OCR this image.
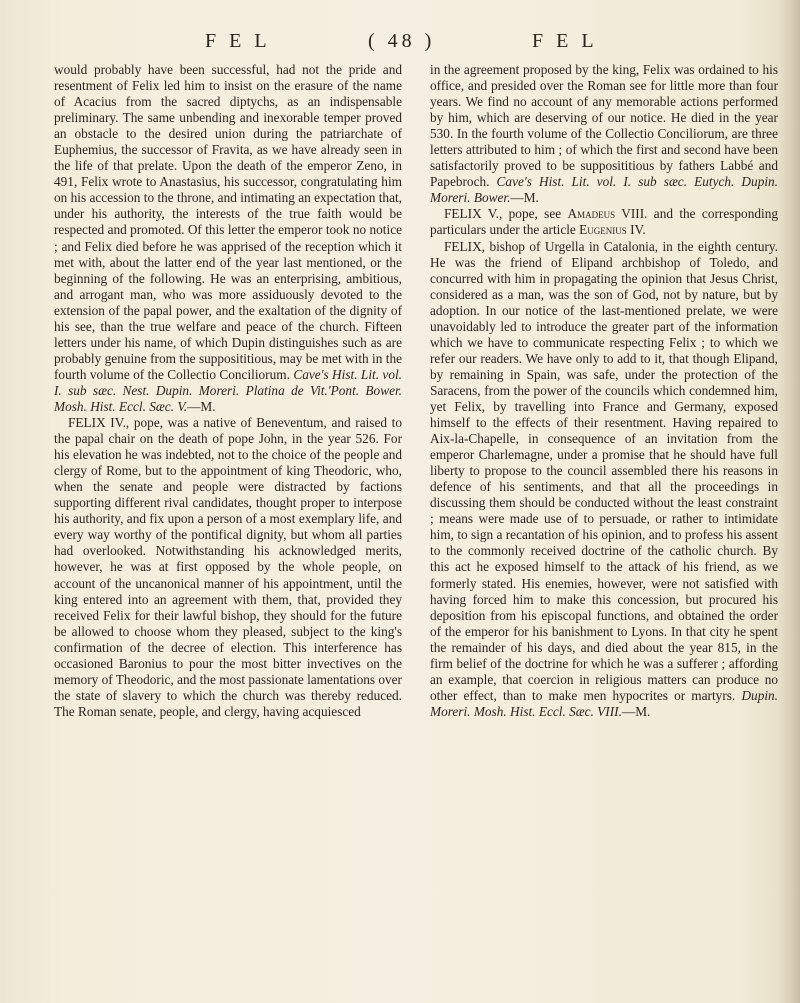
F E L	( 48 )	F E L

would probably have been successful, had not the pride and resentment of Felix led him to insist on the erasure of the name of Acacius from the sacred diptychs, as an indispensable preliminary. The same unbending and inexorable temper proved an obstacle to the desired union during the patriarchate of Euphemius, the successor of Fravita, as we have already seen in the life of that prelate. Upon the death of the emperor Zeno, in 491, Felix wrote to Anastasius, his successor, congratulating him on his accession to the throne, and intimating an expectation that, under his authority, the interests of the true faith would be respected and promoted. Of this letter the emperor took no notice ; and Felix died before he was apprised of the reception which it met with, about the latter end of the year last mentioned, or the beginning of the following. He was an enterprising, ambitious, and arrogant man, who was more assiduously devoted to the extension of the papal power, and the exaltation of the dignity of his see, than the true welfare and peace of the church. Fifteen letters under his name, of which Dupin distinguishes such as are probably genuine from the supposititious, may be met with in the fourth volume of the Collectio Conciliorum. Cave's Hist. Lit. vol. I. sub sæc. Nest. Dupin. Moreri. Platina de Vit.'Pont. Bower. Mosh. Hist. Eccl. Sæc. V.—M.

FELIX IV., pope, was a native of Beneventum, and raised to the papal chair on the death of pope John, in the year 526. For his elevation he was indebted, not to the choice of the people and clergy of Rome, but to the appointment of king Theodoric, who, when the senate and people were distracted by factions supporting different rival candidates, thought proper to interpose his authority, and fix upon a person of a most exemplary life, and every way worthy of the pontifical dignity, but whom all parties had overlooked. Notwithstanding his acknowledged merits, however, he was at first opposed by the whole people, on account of the uncanonical manner of his appointment, until the king entered into an agreement with them, that, provided they received Felix for their lawful bishop, they should for the future be allowed to choose whom they pleased, subject to the king's confirmation of the decree of election. This interference has occasioned Baronius to pour the most bitter invectives on the memory of Theodoric, and the most passionate lamentations over the state of slavery to which the church was thereby reduced. The Roman senate, people, and clergy, having acquiesced

in the agreement proposed by the king, Felix was ordained to his office, and presided over the Roman see for little more than four years. We find no account of any memorable actions performed by him, which are deserving of our notice. He died in the year 530. In the fourth volume of the Collectio Conciliorum, are three letters attributed to him ; of which the first and second have been satisfactorily proved to be supposititious by fathers Labbé and Papebroch. Cave's Hist. Lit. vol. I. sub sæc. Eutych. Dupin. Moreri. Bower.—M.

FELIX V., pope, see Amadeus VIII. and the corresponding particulars under the article Eugenius IV.

FELIX, bishop of Urgella in Catalonia, in the eighth century. He was the friend of Elipand archbishop of Toledo, and concurred with him in propagating the opinion that Jesus Christ, considered as a man, was the son of God, not by nature, but by adoption. In our notice of the last-mentioned prelate, we were unavoidably led to introduce the greater part of the information which we have to communicate respecting Felix ; to which we refer our readers. We have only to add to it, that though Elipand, by remaining in Spain, was safe, under the protection of the Saracens, from the power of the councils which condemned him, yet Felix, by travelling into France and Germany, exposed himself to the effects of their resentment. Having repaired to Aix-la-Chapelle, in consequence of an invitation from the emperor Charlemagne, under a promise that he should have full liberty to propose to the council assembled there his reasons in defence of his sentiments, and that all the proceedings in discussing them should be conducted without the least constraint ; means were made use of to persuade, or rather to intimidate him, to sign a recantation of his opinion, and to profess his assent to the commonly received doctrine of the catholic church. By this act he exposed himself to the attack of his friend, as we formerly stated. His enemies, however, were not satisfied with having forced him to make this concession, but procured his deposition from his episcopal functions, and obtained the order of the emperor for his banishment to Lyons. In that city he spent the remainder of his days, and died about the year 815, in the firm belief of the doctrine for which he was a sufferer ; affording an example, that coercion in religious matters can produce no other effect, than to make men hypocrites or martyrs. Dupin. Moreri. Mosh. Hist. Eccl. Sæc. VIII.—M.
